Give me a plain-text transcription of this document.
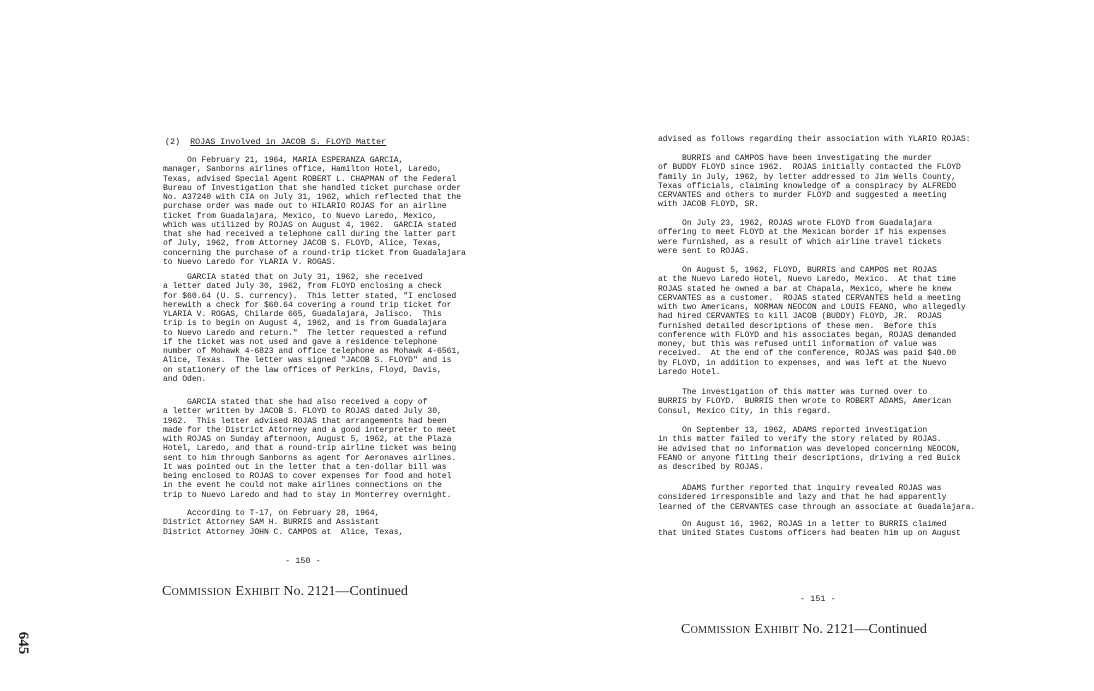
(2)  ROJAS Involved in JACOB S. FLOYD Matter
On February 21, 1964, MARIA ESPERANZA GARCIA,
manager, Sanborns airlines office, Hamilton Hotel, Laredo,
Texas, advised Special Agent ROBERT L. CHAPMAN of the Federal
Bureau of Investigation that she handled ticket purchase order
No. A37240 with CIA on July 31, 1962, which reflected that the
purchase order was made out to HILARIO ROJAS for an airline
ticket from Guadalajara, Mexico, to Nuevo Laredo, Mexico,
which was utilized by ROJAS on August 4, 1962.  GARCIA stated
that she had received a telephone call during the latter part
of July, 1962, from Attorney JACOB S. FLOYD, Alice, Texas,
concerning the purchase of a round-trip ticket from Guadalajara
to Nuevo Laredo for YLARIA V. ROGAS.
GARCIA stated that on July 31, 1962, she received
a letter dated July 30, 1962, from FLOYD enclosing a check
for $60.64 (U. S. currency).  This letter stated, "I enclosed
herewith a check for $60.64 covering a round trip ticket for
YLARIA V. ROGAS, Chilarde 665, Guadalajara, Jalisco.  This
trip is to begin on August 4, 1962, and is from Guadalajara
to Nuevo Laredo and return."  The letter requested a refund
if the ticket was not used and gave a residence telephone
number of Mohawk 4-6823 and office telephone as Mohawk 4-6561,
Alice, Texas.  The letter was signed "JACOB S. FLOYD" and is
on stationery of the law offices of Perkins, Floyd, Davis,
and Oden.
GARCIA stated that she had also received a copy of
a letter written by JACOB S. FLOYD to ROJAS dated July 30,
1962.  This letter advised ROJAS that arrangements had been
made for the District Attorney and a good interpreter to meet
with ROJAS on Sunday afternoon, August 5, 1962, at the Plaza
Hotel, Laredo, and that a round-trip airline ticket was being
sent to him through Sanborns as agent for Aeronaves airlines.
It was pointed out in the letter that a ten-dollar bill was
being enclosed to ROJAS to cover expenses for food and hotel
in the event he could not make airlines connections on the
trip to Nuevo Laredo and had to stay in Monterrey overnight.
According to T-17, on February 28, 1964,
District Attorney SAM H. BURRIS and Assistant
District Attorney JOHN C. CAMPOS at  Alice, Texas,
- 150 -
Commission Exhibit No. 2121—Continued
advised as follows regarding their association with YLARIO ROJAS:
BURRIS and CAMPOS have been investigating the murder
of BUDDY FLOYD since 1962.  ROJAS initially contacted the FLOYD
family in July, 1962, by letter addressed to Jim Wells County,
Texas officials, claiming knowledge of a conspiracy by ALFREDO
CERVANTES and others to murder FLOYD and suggested a meeting
with JACOB FLOYD, SR.
On July 23, 1962, ROJAS wrote FLOYD from Guadalajara
offering to meet FLOYD at the Mexican border if his expenses
were furnished, as a result of which airline travel tickets
were sent to ROJAS.
On August 5, 1962, FLOYD, BURRIS and CAMPOS met ROJAS
at the Nuevo Laredo Hotel, Nuevo Laredo, Mexico.  At that time
ROJAS stated he owned a bar at Chapala, Mexico, where he knew
CERVANTES as a customer.  ROJAS stated CERVANTES held a meeting
with two Americans, NORMAN NEOCON and LOUIS FEANO, who allegedly
had hired CERVANTES to kill JACOB (BUDDY) FLOYD, JR.  ROJAS
furnished detailed descriptions of these men.  Before this
conference with FLOYD and his associates began, ROJAS demanded
money, but this was refused until information of value was
received.  At the end of the conference, ROJAS was paid $40.00
by FLOYD, in addition to expenses, and was left at the Nuevo
Laredo Hotel.
The investigation of this matter was turned over to
BURRIS by FLOYD.  BURRIS then wrote to ROBERT ADAMS, American
Consul, Mexico City, in this regard.
On September 13, 1962, ADAMS reported investigation
in this matter failed to verify the story related by ROJAS.
He advised that no information was developed concerning NEOCON,
FEANO or anyone fitting their descriptions, driving a red Buick
as described by ROJAS.
ADAMS further reported that inquiry revealed ROJAS was
considered irresponsible and lazy and that he had apparently
learned of the CERVANTES case through an associate at Guadalajara.
On August 16, 1962, ROJAS in a letter to BURRIS claimed
that United States Customs officers had beaten him up on August
- 151 -
Commission Exhibit No. 2121—Continued
645
